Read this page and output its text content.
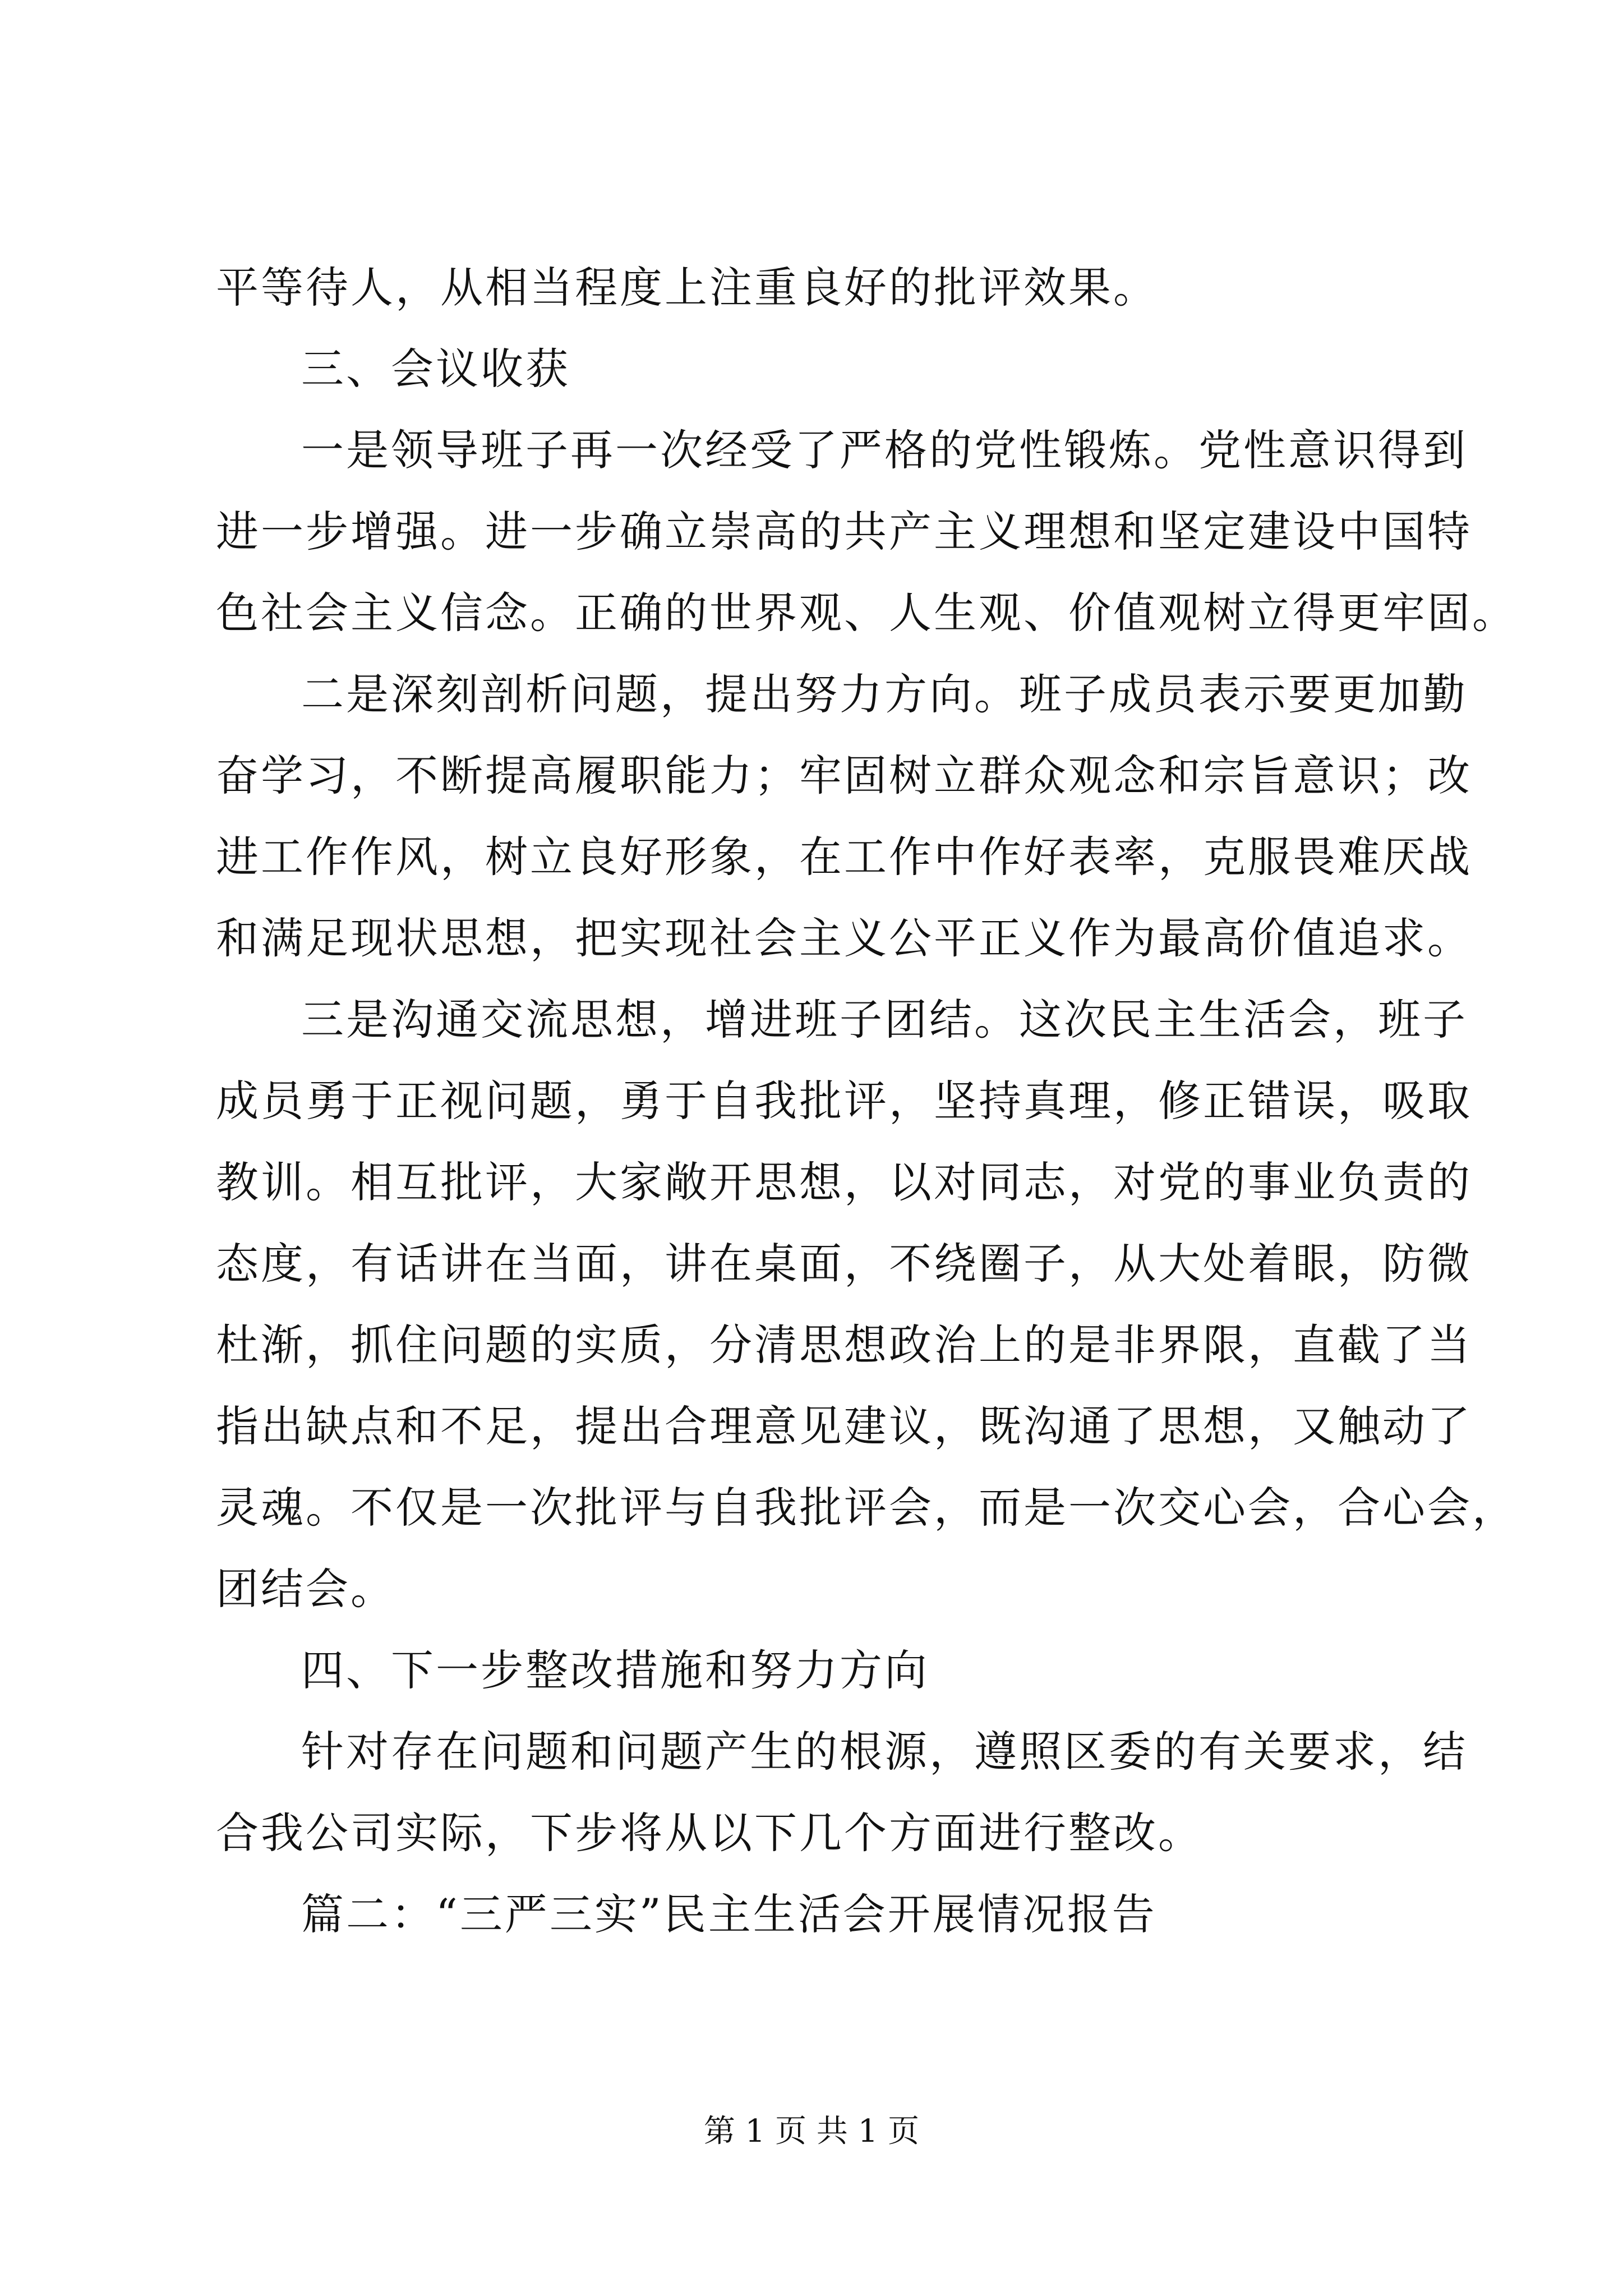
平等待人，从相当程度上注重良好的批评效果。
三、会议收获
一是领导班子再一次经受了严格的党性锻炼。党性意识得到
进一步增强。进一步确立崇高的共产主义理想和坚定建设中国特
色社会主义信念。正确的世界观、人生观、价值观树立得更牢固。
二是深刻剖析问题，提出努力方向。班子成员表示要更加勤
奋学习，不断提高履职能力；牢固树立群众观念和宗旨意识；改
进工作作风，树立良好形象，在工作中作好表率，克服畏难厌战
和满足现状思想，把实现社会主义公平正义作为最高价值追求。
三是沟通交流思想，增进班子团结。这次民主生活会，班子
成员勇于正视问题，勇于自我批评，坚持真理，修正错误，吸取
教训。相互批评，大家敞开思想，以对同志，对党的事业负责的
态度，有话讲在当面，讲在桌面，不绕圈子，从大处着眼，防微
杜渐，抓住问题的实质，分清思想政治上的是非界限，直截了当
指出缺点和不足，提出合理意见建议，既沟通了思想，又触动了
灵魂。不仅是一次批评与自我批评会，而是一次交心会，合心会，
团结会。
四、下一步整改措施和努力方向
针对存在问题和问题产生的根源，遵照区委的有关要求，结
合我公司实际，下步将从以下几个方面进行整改。
篇二：“三严三实”民主生活会开展情况报告
第 1 页 共 1 页
